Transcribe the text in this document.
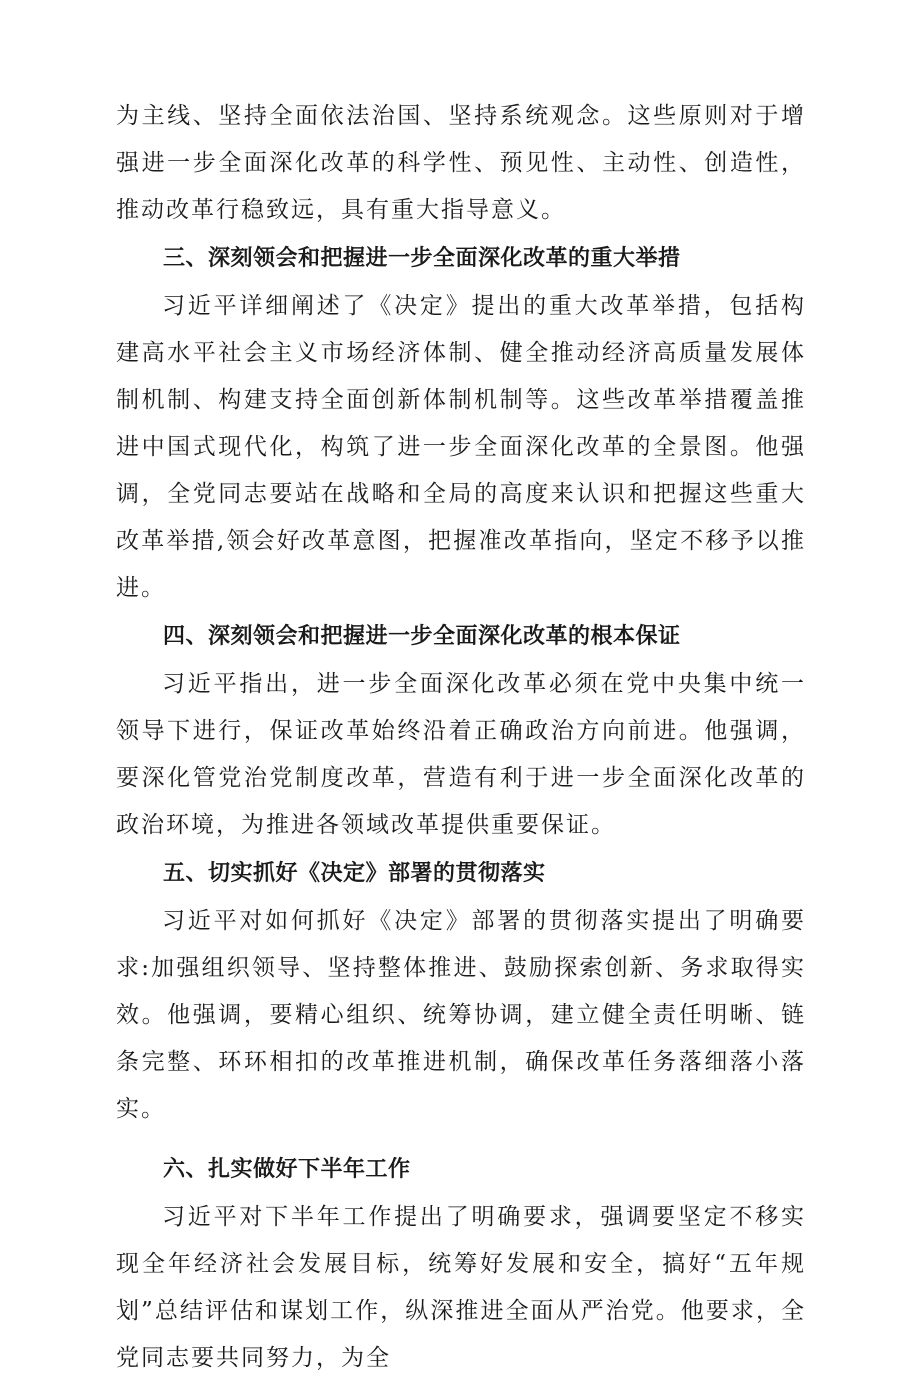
为主线、坚持全面依法治国、坚持系统观念。这些原则对于增强进一步全面深化改革的科学性、预见性、主动性、创造性，推动改革行稳致远，具有重大指导意义。

三、深刻领会和把握进一步全面深化改革的重大举措

习近平详细阐述了《决定》提出的重大改革举措，包括构建高水平社会主义市场经济体制、健全推动经济高质量发展体制机制、构建支持全面创新体制机制等。这些改革举措覆盖推进中国式现代化，构筑了进一步全面深化改革的全景图。他强调，全党同志要站在战略和全局的高度来认识和把握这些重大改革举措,领会好改革意图，把握准改革指向，坚定不移予以推进。

四、深刻领会和把握进一步全面深化改革的根本保证

习近平指出，进一步全面深化改革必须在党中央集中统一领导下进行，保证改革始终沿着正确政治方向前进。他强调，要深化管党治党制度改革，营造有利于进一步全面深化改革的政治环境，为推进各领域改革提供重要保证。

五、切实抓好《决定》部署的贯彻落实

习近平对如何抓好《决定》部署的贯彻落实提出了明确要求:加强组织领导、坚持整体推进、鼓励探索创新、务求取得实效。他强调，要精心组织、统筹协调，建立健全责任明晰、链条完整、环环相扣的改革推进机制，确保改革任务落细落小落实。

六、扎实做好下半年工作

习近平对下半年工作提出了明确要求，强调要坚定不移实现全年经济社会发展目标，统筹好发展和安全，搞好“五年规划”总结评估和谋划工作，纵深推进全面从严治党。他要求，全党同志要共同努力，为全
